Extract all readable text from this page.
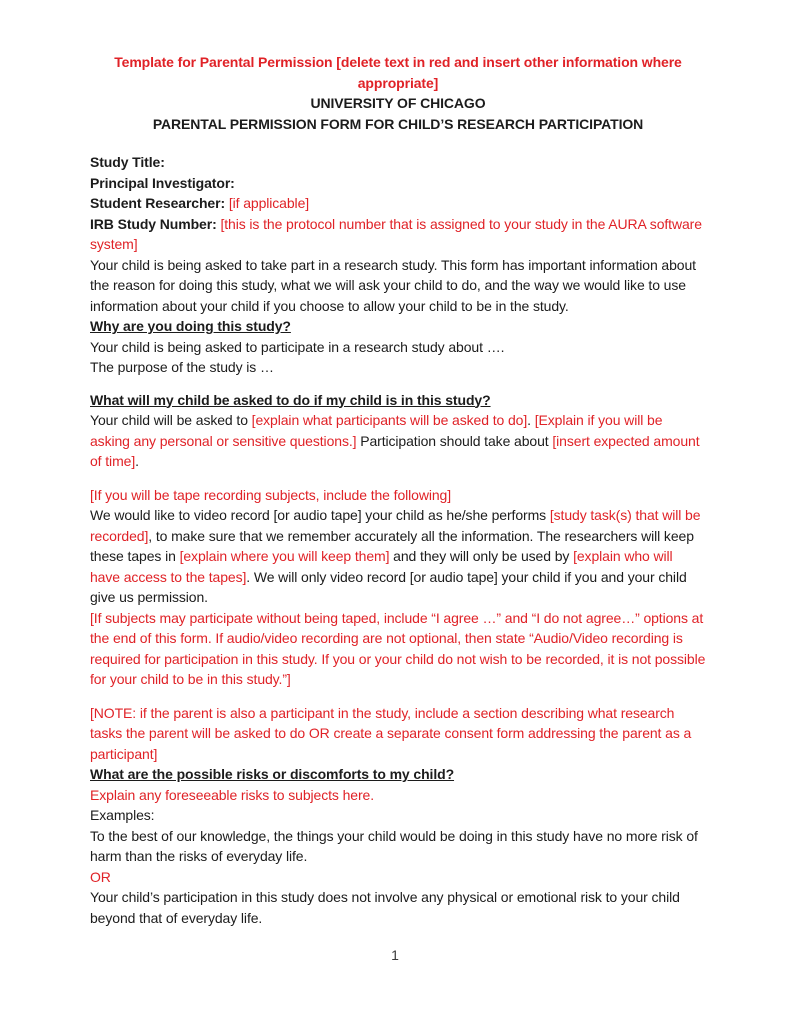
Template for Parental Permission [delete text in red and insert other information where appropriate]

UNIVERSITY OF CHICAGO
PARENTAL PERMISSION FORM FOR CHILD’S RESEARCH PARTICIPATION

Study Title:

Principal Investigator:

Student Researcher: [if applicable]

IRB Study Number: [this is the protocol number that is assigned to your study in the AURA software system]

Your child is being asked to take part in a research study. This form has important information about the reason for doing this study, what we will ask your child to do, and the way we would like to use information about your child if you choose to allow your child to be in the study.

Why are you doing this study?

Your child is being asked to participate in a research study about ….

The purpose of the study is …

What will my child be asked to do if my child is in this study?

Your child will be asked to [explain what participants will be asked to do]. [Explain if you will be asking any personal or sensitive questions.] Participation should take about [insert expected amount of time].

[If you will be tape recording subjects, include the following]

We would like to video record [or audio tape] your child as he/she performs [study task(s) that will be recorded], to make sure that we remember accurately all the information. The researchers will keep these tapes in [explain where you will keep them] and they will only be used by [explain who will have access to the tapes]. We will only video record [or audio tape] your child if you and your child give us permission.

[If subjects may participate without being taped, include “I agree …” and “I do not agree…” options at the end of this form. If audio/video recording are not optional, then state “Audio/Video recording is required for participation in this study. If you or your child do not wish to be recorded, it is not possible for your child to be in this study.”]

[NOTE: if the parent is also a participant in the study, include a section describing what research tasks the parent will be asked to do OR create a separate consent form addressing the parent as a participant]

What are the possible risks or discomforts to my child?

Explain any foreseeable risks to subjects here.

Examples:

To the best of our knowledge, the things your child would be doing in this study have no more risk of harm than the risks of everyday life.

OR

Your child’s participation in this study does not involve any physical or emotional risk to your child beyond that of everyday life.

1
